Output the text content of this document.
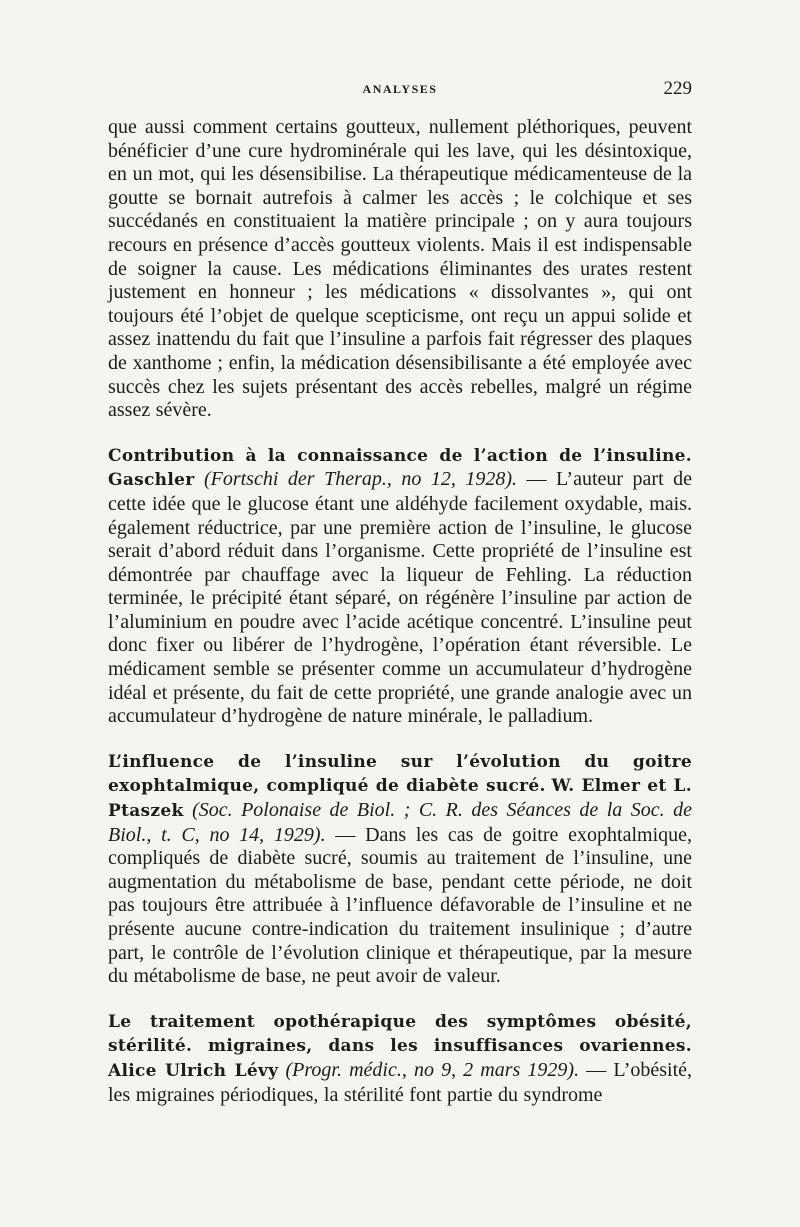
ANALYSES	229

que aussi comment certains goutteux, nullement pléthoriques, peuvent bénéficier d’une cure hydrominérale qui les lave, qui les désintoxique, en un mot, qui les désensibilise. La thérapeutique médicamenteuse de la goutte se bornait autrefois à calmer les accès ; le colchique et ses succédanés en constituaient la matière principale ; on y aura toujours recours en présence d’accès goutteux violents. Mais il est indispensable de soigner la cause. Les médications éliminantes des urates restent justement en honneur ; les médications « dissolvantes », qui ont toujours été l’objet de quelque scepticisme, ont reçu un appui solide et assez inattendu du fait que l’insuline a parfois fait régresser des plaques de xanthome ; enfin, la médication désensibilisante a été employée avec succès chez les sujets présentant des accès rebelles, malgré un régime assez sévère.

Contribution à la connaissance de l’action de l’insuline. Gaschler (Fortschi der Therap., no 12, 1928). — L’auteur part de cette idée que le glucose étant une aldéhyde facilement oxydable, mais. également réductrice, par une première action de l’insuline, le glucose serait d’abord réduit dans l’organisme. Cette propriété de l’insuline est démontrée par chauffage avec la liqueur de Fehling. La réduction terminée, le précipité étant séparé, on régénère l’insuline par action de l’aluminium en poudre avec l’acide acétique concentré. L’insuline peut donc fixer ou libérer de l’hydrogène, l’opération étant réversible. Le médicament semble se présenter comme un accumulateur d’hydrogène idéal et présente, du fait de cette propriété, une grande analogie avec un accumulateur d’hydrogène de nature minérale, le palladium.

L’influence de l’insuline sur l’évolution du goitre exophtalmique, compliqué de diabète sucré. W. Elmer et L. Ptaszek (Soc. Polonaise de Biol. ; C. R. des Séances de la Soc. de Biol., t. C, no 14, 1929). — Dans les cas de goitre exophtalmique, compliqués de diabète sucré, soumis au traitement de l’insuline, une augmentation du métabolisme de base, pendant cette période, ne doit pas toujours être attribuée à l’influence défavorable de l’insuline et ne présente aucune contre-indication du traitement insulinique ; d’autre part, le contrôle de l’évolution clinique et thérapeutique, par la mesure du métabolisme de base, ne peut avoir de valeur.

Le traitement opothérapique des symptômes obésité, stérilité. migraines, dans les insuffisances ovariennes. Alice Ulrich Lévy (Progr. médic., no 9, 2 mars 1929). — L’obésité, les migraines périodiques, la stérilité font partie du syndrome
